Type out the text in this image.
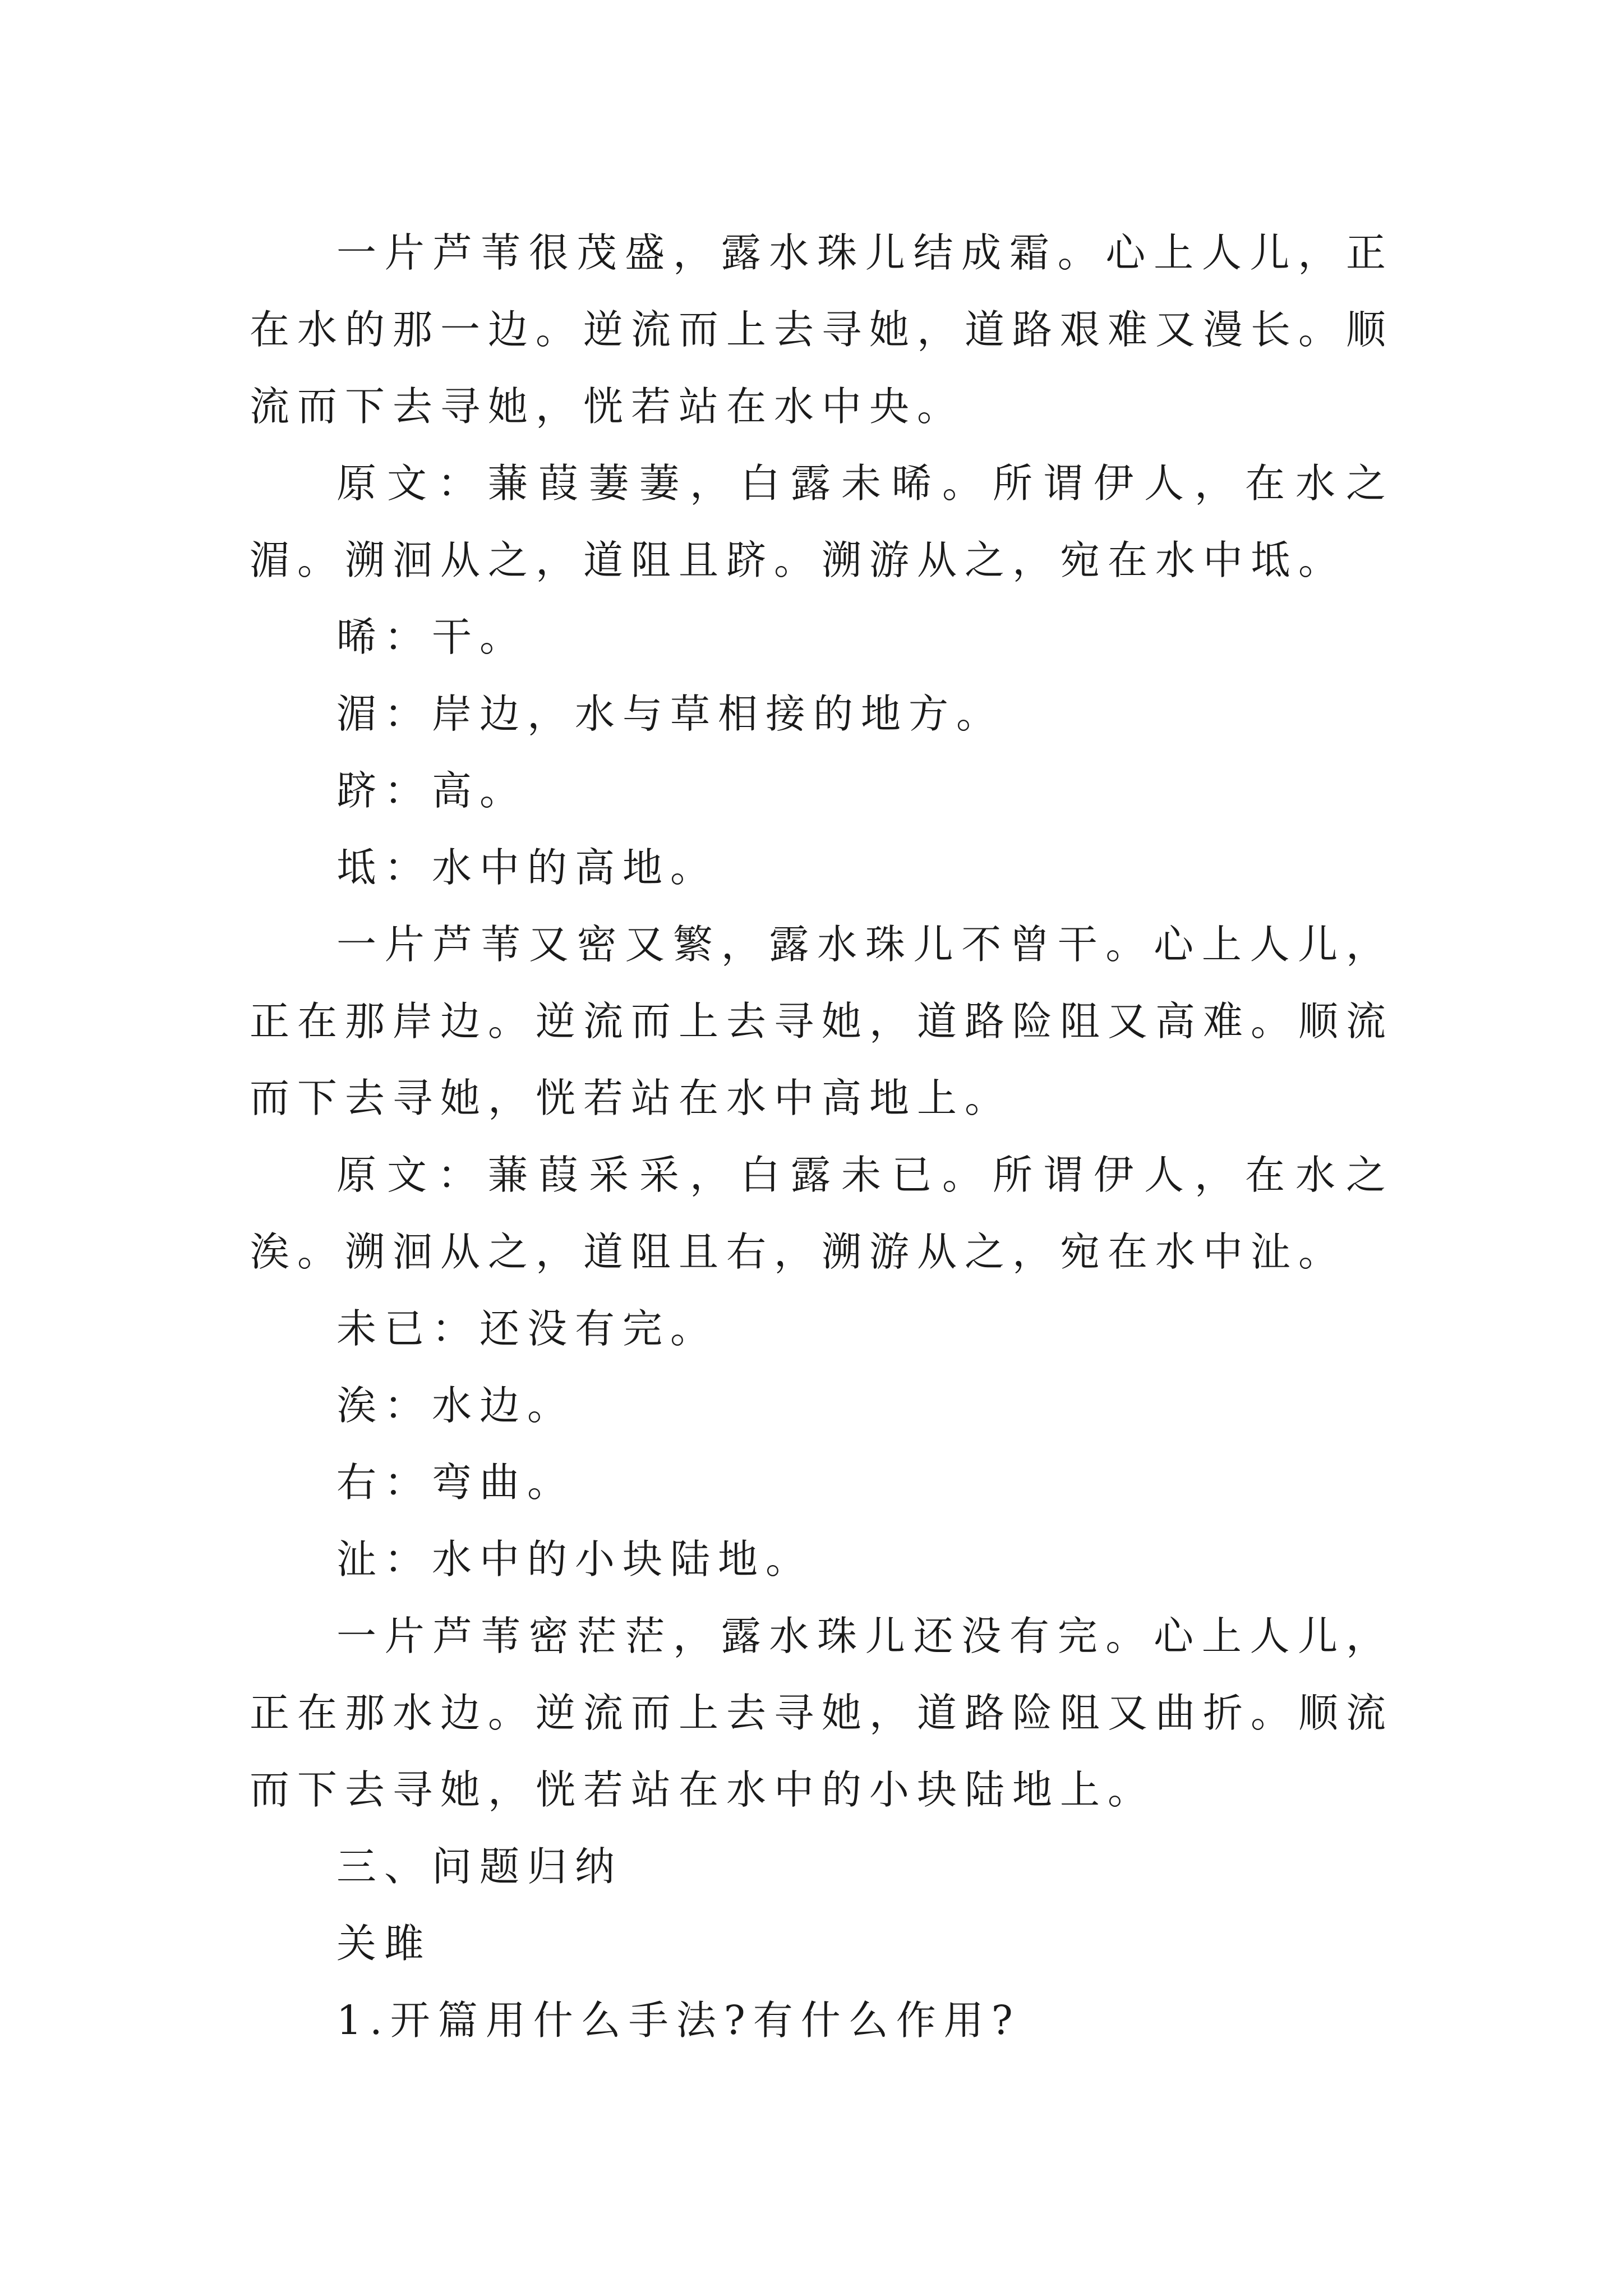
一片芦苇很茂盛，露水珠儿结成霜。心上人儿，正在水的那一边。逆流而上去寻她，道路艰难又漫长。顺流而下去寻她，恍若站在水中央。

原文：蒹葭萋萋，白露未晞。所谓伊人，在水之湄。溯洄从之，道阻且跻。溯游从之，宛在水中坻。

晞：干。

湄：岸边，水与草相接的地方。

跻：高。

坻：水中的高地。

一片芦苇又密又繁，露水珠儿不曾干。心上人儿，正在那岸边。逆流而上去寻她，道路险阻又高难。顺流而下去寻她，恍若站在水中高地上。

原文：蒹葭采采，白露未已。所谓伊人，在水之涘。溯洄从之，道阻且右，溯游从之，宛在水中沚。

未已：还没有完。

涘：水边。

右：弯曲。

沚：水中的小块陆地。

一片芦苇密茫茫，露水珠儿还没有完。心上人儿，正在那水边。逆流而上去寻她，道路险阻又曲折。顺流而下去寻她，恍若站在水中的小块陆地上。

三、问题归纳

关雎

1.开篇用什么手法?有什么作用?
